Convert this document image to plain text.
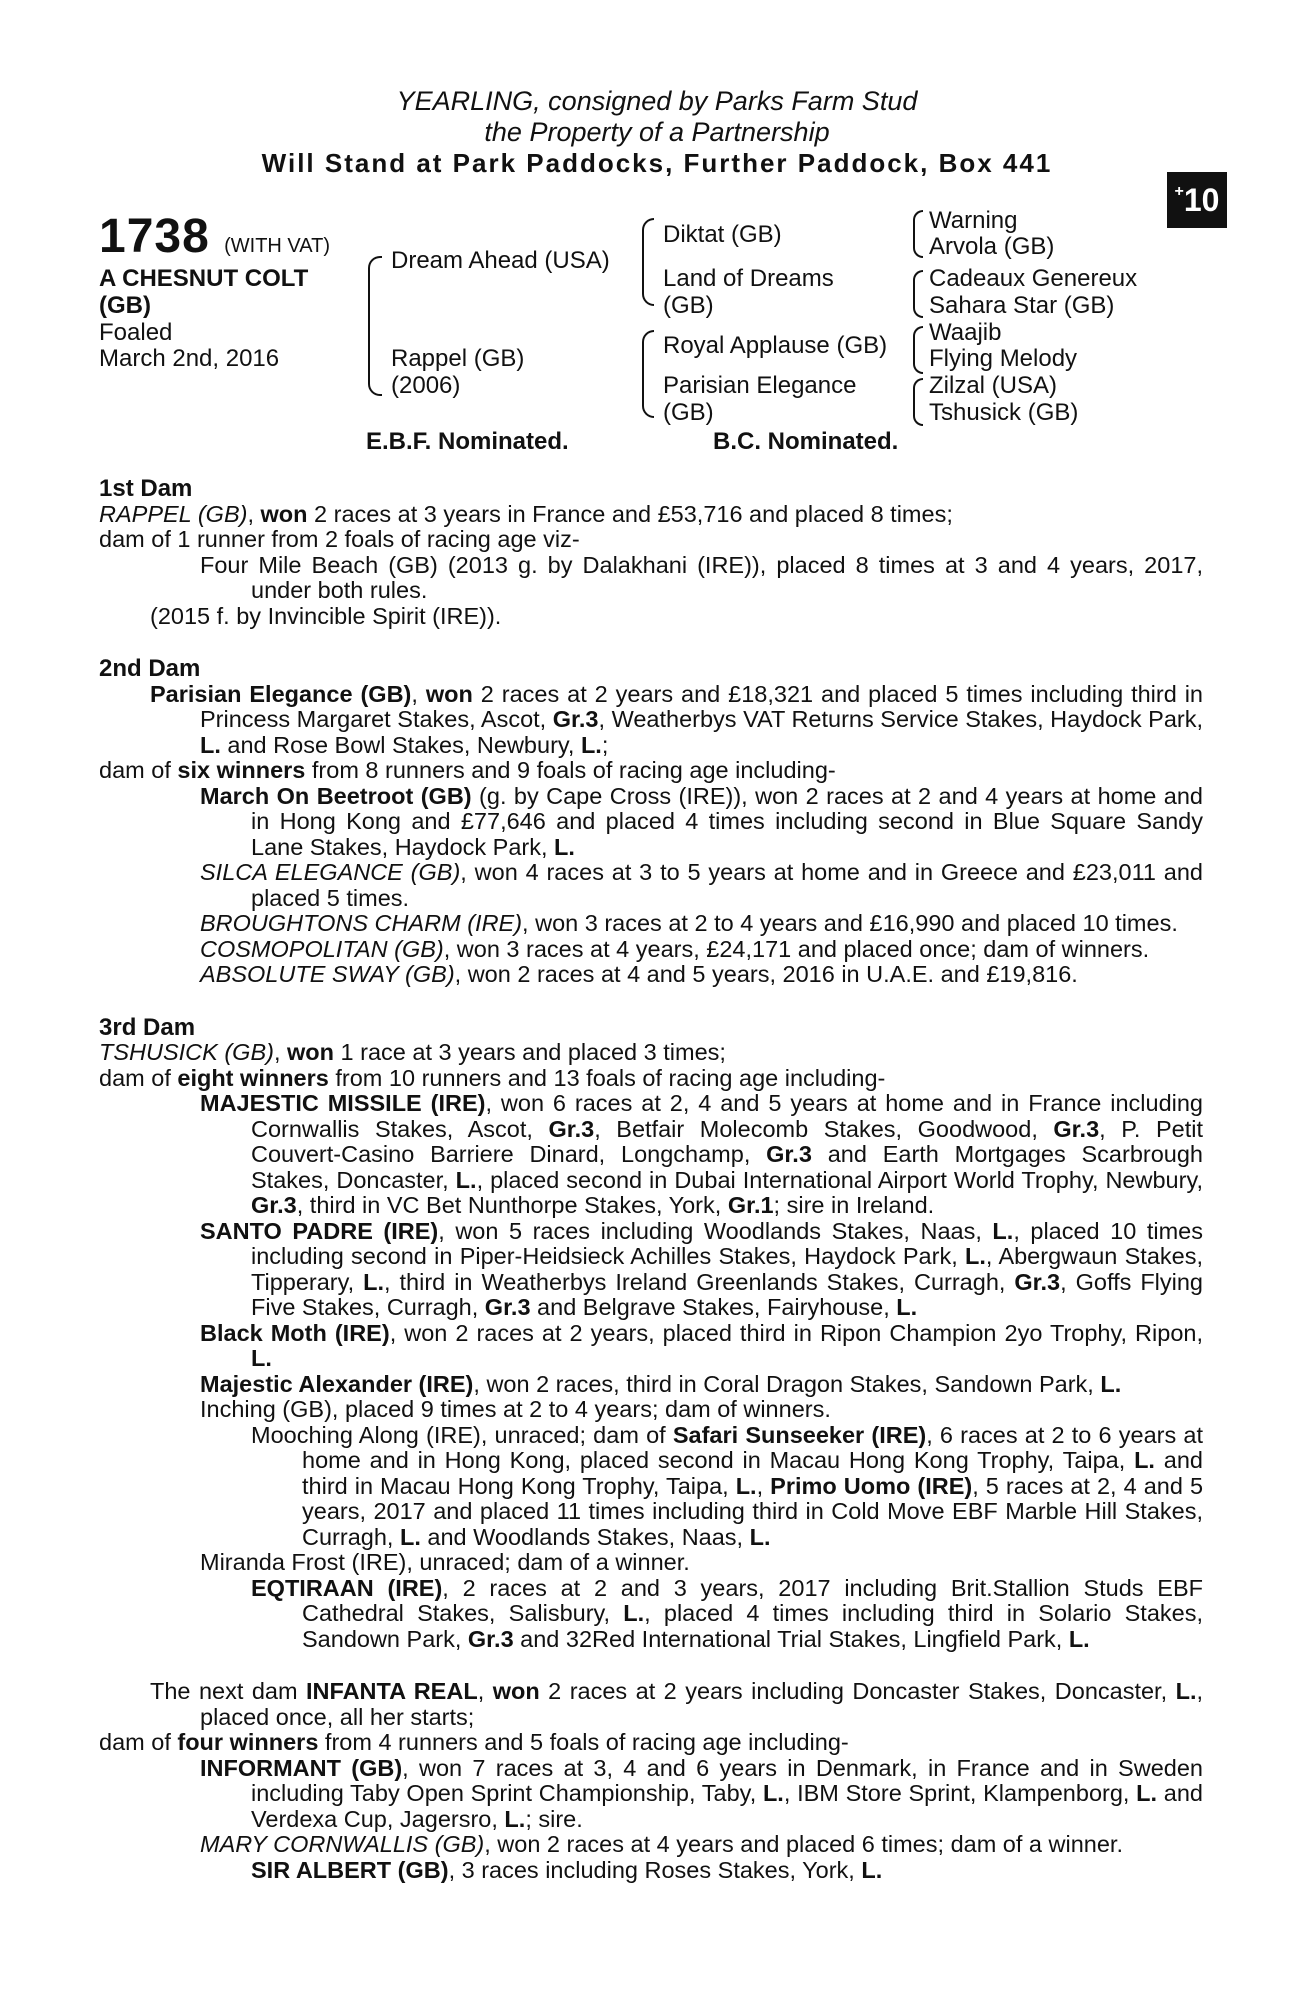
YEARLING, consigned by Parks Farm Stud
the Property of a Partnership
Will Stand at Park Paddocks, Further Paddock, Box 441
+ 10
1738 (WITH VAT)
A CHESNUT COLT
(GB)
Foaled
March 2nd, 2016
Dream Ahead (USA)
Rappel (GB)
(2006)
Diktat (GB)
Land of Dreams
(GB)
Royal Applause (GB)
Parisian Elegance
(GB)
Warning
Arvola (GB)
Cadeaux Genereux
Sahara Star (GB)
Waajib
Flying Melody
Zilzal (USA)
Tshusick (GB)
E.B.F. Nominated.	B.C. Nominated.

1st Dam

RAPPEL (GB), won 2 races at 3 years in France and £53,716 and placed 8 times;

dam of 1 runner from 2 foals of racing age viz-

Four Mile Beach (GB) (2013 g. by Dalakhani (IRE)), placed 8 times at 3 and 4 years, 2017, under both rules.

(2015 f. by Invincible Spirit (IRE)).

2nd Dam

Parisian Elegance (GB), won 2 races at 2 years and £18,321 and placed 5 times including third in Princess Margaret Stakes, Ascot, Gr.3, Weatherbys VAT Returns Service Stakes, Haydock Park, L. and Rose Bowl Stakes, Newbury, L.;

dam of six winners from 8 runners and 9 foals of racing age including-

March On Beetroot (GB) (g. by Cape Cross (IRE)), won 2 races at 2 and 4 years at home and in Hong Kong and £77,646 and placed 4 times including second in Blue Square Sandy Lane Stakes, Haydock Park, L.

SILCA ELEGANCE (GB), won 4 races at 3 to 5 years at home and in Greece and £23,011 and placed 5 times.

BROUGHTONS CHARM (IRE), won 3 races at 2 to 4 years and £16,990 and placed 10 times.

COSMOPOLITAN (GB), won 3 races at 4 years, £24,171 and placed once; dam of winners.

ABSOLUTE SWAY (GB), won 2 races at 4 and 5 years, 2016 in U.A.E. and £19,816.

3rd Dam

TSHUSICK (GB), won 1 race at 3 years and placed 3 times;

dam of eight winners from 10 runners and 13 foals of racing age including-

MAJESTIC MISSILE (IRE), won 6 races at 2, 4 and 5 years at home and in France including Cornwallis Stakes, Ascot, Gr.3, Betfair Molecomb Stakes, Goodwood, Gr.3, P. Petit Couvert-Casino Barriere Dinard, Longchamp, Gr.3 and Earth Mortgages Scarbrough Stakes, Doncaster, L., placed second in Dubai International Airport World Trophy, Newbury, Gr.3, third in VC Bet Nunthorpe Stakes, York, Gr.1; sire in Ireland.

SANTO PADRE (IRE), won 5 races including Woodlands Stakes, Naas, L., placed 10 times including second in Piper-Heidsieck Achilles Stakes, Haydock Park, L., Abergwaun Stakes, Tipperary, L., third in Weatherbys Ireland Greenlands Stakes, Curragh, Gr.3, Goffs Flying Five Stakes, Curragh, Gr.3 and Belgrave Stakes, Fairyhouse, L.

Black Moth (IRE), won 2 races at 2 years, placed third in Ripon Champion 2yo Trophy, Ripon, L.

Majestic Alexander (IRE), won 2 races, third in Coral Dragon Stakes, Sandown Park, L.

Inching (GB), placed 9 times at 2 to 4 years; dam of winners.

Mooching Along (IRE), unraced; dam of Safari Sunseeker (IRE), 6 races at 2 to 6 years at home and in Hong Kong, placed second in Macau Hong Kong Trophy, Taipa, L. and third in Macau Hong Kong Trophy, Taipa, L., Primo Uomo (IRE), 5 races at 2, 4 and 5 years, 2017 and placed 11 times including third in Cold Move EBF Marble Hill Stakes, Curragh, L. and Woodlands Stakes, Naas, L.

Miranda Frost (IRE), unraced; dam of a winner.

EQTIRAAN (IRE), 2 races at 2 and 3 years, 2017 including Brit.Stallion Studs EBF Cathedral Stakes, Salisbury, L., placed 4 times including third in Solario Stakes, Sandown Park, Gr.3 and 32Red International Trial Stakes, Lingfield Park, L.

The next dam INFANTA REAL, won 2 races at 2 years including Doncaster Stakes, Doncaster, L., placed once, all her starts;

dam of four winners from 4 runners and 5 foals of racing age including-

INFORMANT (GB), won 7 races at 3, 4 and 6 years in Denmark, in France and in Sweden including Taby Open Sprint Championship, Taby, L., IBM Store Sprint, Klampenborg, L. and Verdexa Cup, Jagersro, L.; sire.

MARY CORNWALLIS (GB), won 2 races at 4 years and placed 6 times; dam of a winner.

SIR ALBERT (GB), 3 races including Roses Stakes, York, L.
